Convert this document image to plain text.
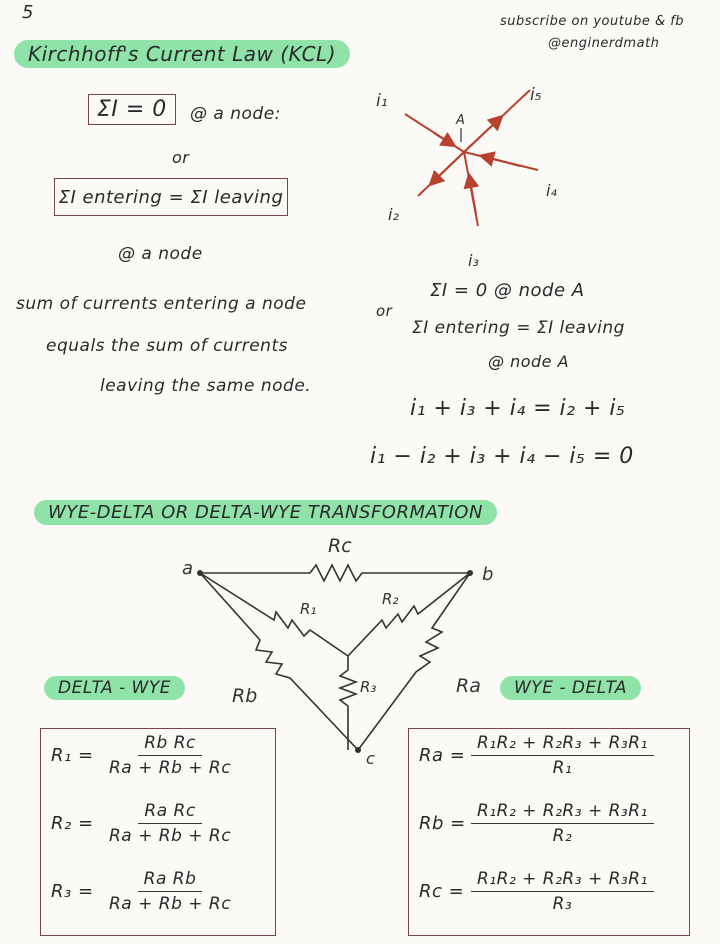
5	subscribe on youtube & fb
@enginerdmath
Kirchhoff's Current Law (KCL)
ΣI = 0	@ a node:
or
ΣI entering = ΣI leaving
@ a node
sum of currents entering a node
equals the sum of currents
leaving the same node.
A
i₁
i₂
i₃
i₄
i₅
or
ΣI = 0 @ node A
ΣI entering = ΣI leaving
@ node A
i₁ + i₃ + i₄ = i₂ + i₅
i₁ − i₂ + i₃ + i₄ − i₅ = 0
WYE-DELTA OR DELTA-WYE TRANSFORMATION
a	b
c
Rc
Rb	Ra
R₁
R₂
R₃
DELTA - WYE
$R_1 = \frac{\text{Rb Rc}}{Ra + Rb + Rc}$
$R_2 = \frac{\text{Ra Rc}}{Ra + Rb + Rc}$
$R_3 = \frac{\text{Ra Rb}}{Ra + Rb + Rc}$
WYE - DELTA
$Ra = \frac{\text{R₁R₂ + R₂R₃ + R₃R₁}}{\text{R₁}}$
$Rb = \frac{\text{R₁R₂ + R₂R₃ + R₃R₁}}{\text{R₂}}$
$Rc = \frac{\text{R₁R₂ + R₂R₃ + R₃R₁}}{\text{R₃}}$
